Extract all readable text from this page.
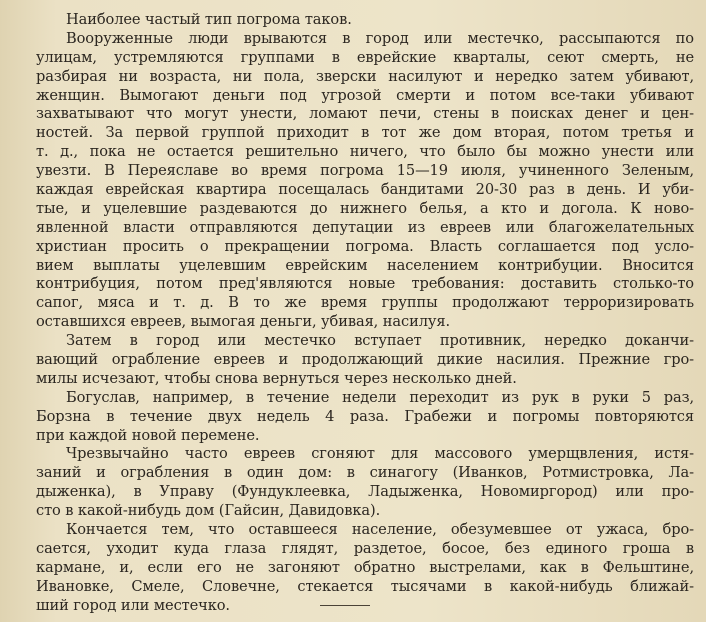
Наиболее частый тип погрома таков.
Вооруженные люди врываются в город или местечко, рассыпаются по
улицам, устремляются группами в еврейские кварталы, сеют смерть, не
разбирая ни возраста, ни пола, зверски насилуют и нередко затем убивают,
женщин. Вымогают деньги под угрозой смерти и потом все-таки убивают
захватывают что могут унести, ломают печи, стены в поисках денег и цен-
ностей. За первой группой приходит в тот же дом вторая, потом третья и
т. д., пока не остается решительно ничего, что было бы можно унести или
увезти. В Переяславе во время погрома 15—19 июля, учиненного Зеленым,
каждая еврейская квартира посещалась бандитами 20-30 раз в день. И уби-
тые, и уцелевшие раздеваются до нижнего белья, а кто и догола. К ново-
явленной власти отправляются депутации из евреев или благожелательных
христиан просить о прекращении погрома. Власть соглашается под усло-
вием выплаты уцелевшим еврейским населением контрибуции. Вносится
контрибуция, потом пред'являются новые требования: доставить столько-то
сапог, мяса и т. д. В то же время группы продолжают терроризировать
оставшихся евреев, вымогая деньги, убивая, насилуя.
Затем в город или местечко вступает противник, нередко доканчи-
вающий ограбление евреев и продолжающий дикие насилия. Прежние гро-
милы исчезают, чтобы снова вернуться через несколько дней.
Богуслав, например, в течение недели переходит из рук в руки 5 раз,
Борзна в течение двух недель 4 раза. Грабежи и погромы повторяются
при каждой новой перемене.
Чрезвычайно часто евреев сгоняют для массового умерщвления, истя-
заний и ограбления в один дом: в синагогу (Иванков, Ротмистровка, Ла-
дыженка), в Управу (Фундуклеевка, Ладыженка, Новомиргород) или про-
сто в какой-нибудь дом (Гайсин, Давидовка).
Кончается тем, что оставшееся население, обезумевшее от ужаса, бро-
сается, уходит куда глаза глядят, раздетое, босое, без единого гроша в
кармане, и, если его не загоняют обратно выстрелами, как в Фельштине,
Ивановке, Смеле, Словечне, стекается тысячами в какой-нибудь ближай-
ший город или местечко.
